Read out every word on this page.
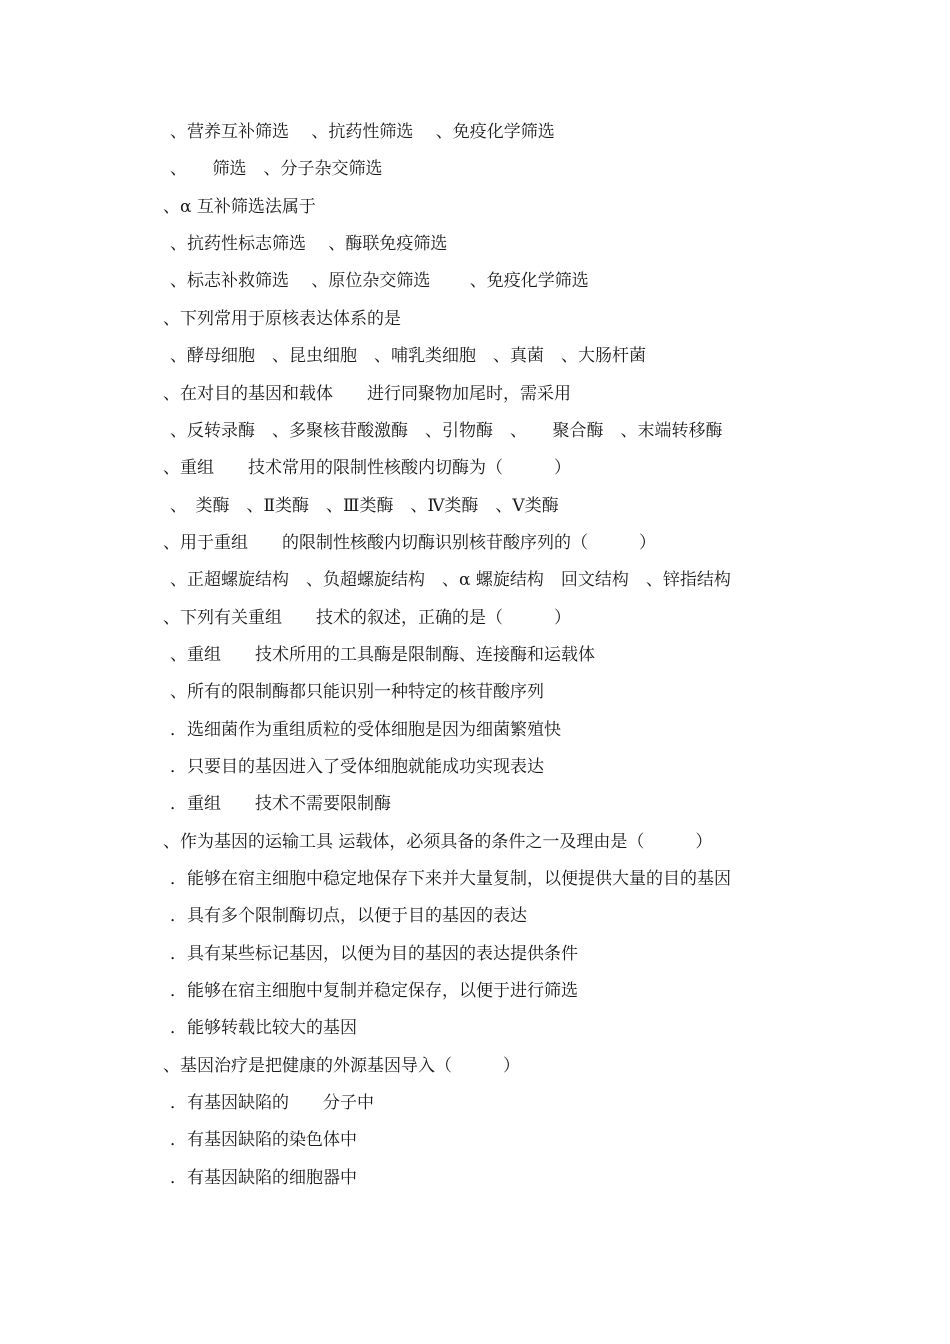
、营养互补筛选　 、抗药性筛选　 、免疫化学筛选
、　　筛选　、分子杂交筛选
、α 互补筛选法属于
、抗药性标志筛选　 、酶联免疫筛选
、标志补救筛选　 、原位杂交筛选　　 、免疫化学筛选
、下列常用于原核表达体系的是
、酵母细胞　、昆虫细胞　、哺乳类细胞　、真菌　、大肠杆菌
、在对目的基因和载体　　进行同聚物加尾时，需采用
、反转录酶　、多聚核苷酸激酶　、引物酶　、　　聚合酶　、末端转移酶
、重组　　技术常用的限制性核酸内切酶为（　　　）
、　类酶　、Ⅱ类酶　、Ⅲ类酶　、Ⅳ类酶　、Ⅴ类酶
、用于重组　　的限制性核酸内切酶识别核苷酸序列的（　　　）
、正超螺旋结构　、负超螺旋结构　、α 螺旋结构　回文结构　、锌指结构
、下列有关重组　　技术的叙述，正确的是（　　　）
、重组　　技术所用的工具酶是限制酶、连接酶和运载体
、所有的限制酶都只能识别一种特定的核苷酸序列
．选细菌作为重组质粒的受体细胞是因为细菌繁殖快
．只要目的基因进入了受体细胞就能成功实现表达
．重组　　技术不需要限制酶
、作为基因的运输工具 运载体，必须具备的条件之一及理由是（　　　）
．能够在宿主细胞中稳定地保存下来并大量复制，以便提供大量的目的基因
．具有多个限制酶切点，以便于目的基因的表达
．具有某些标记基因，以便为目的基因的表达提供条件
．能够在宿主细胞中复制并稳定保存，以便于进行筛选
．能够转载比较大的基因
、基因治疗是把健康的外源基因导入（　　　）
．有基因缺陷的　　分子中
．有基因缺陷的染色体中
．有基因缺陷的细胞器中
